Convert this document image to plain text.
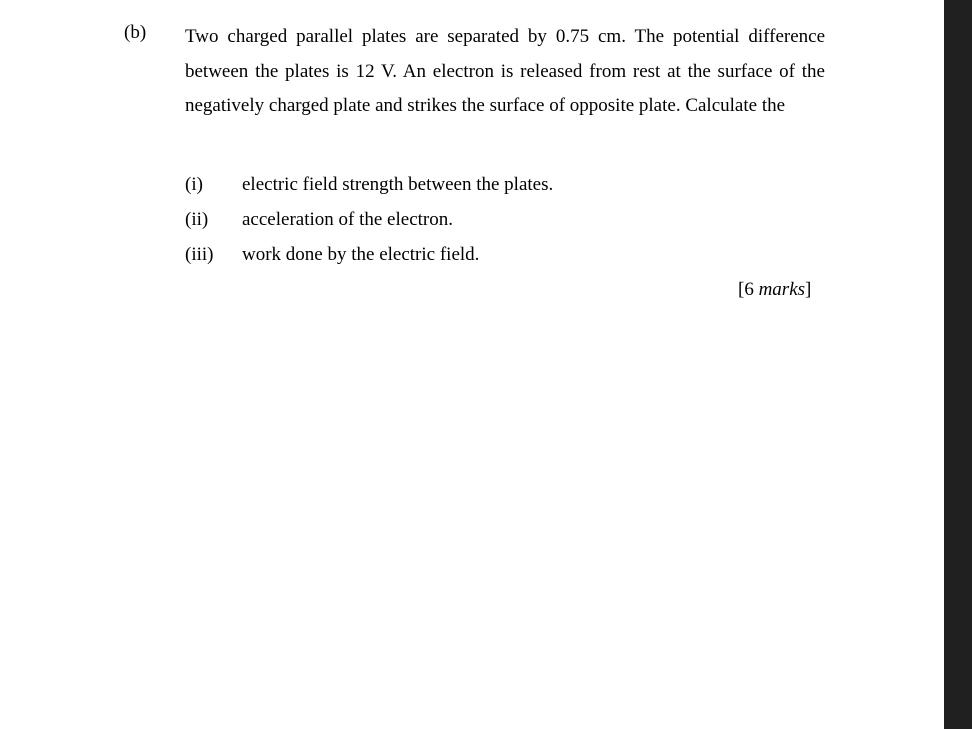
(b) Two charged parallel plates are separated by 0.75 cm. The potential difference between the plates is 12 V. An electron is released from rest at the surface of the negatively charged plate and strikes the surface of opposite plate. Calculate the
(i) electric field strength between the plates.
(ii) acceleration of the electron.
(iii) work done by the electric field.
[6 marks]
